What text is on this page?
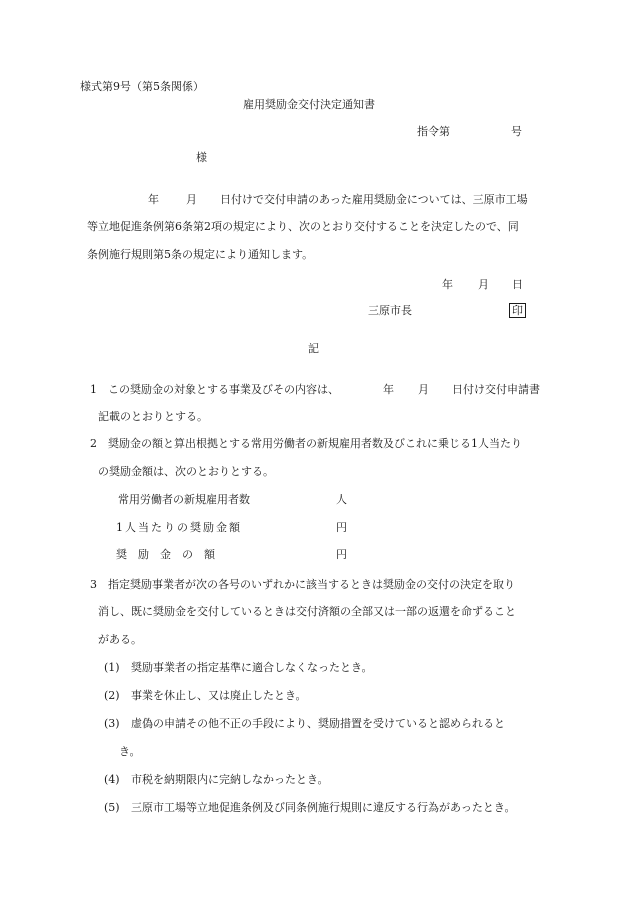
様式第9号（第5条関係）
雇用奨励金交付決定通知書
指令第	号
様
年 月 日付けで交付申請のあった雇用奨励金については、三原市工場
等立地促進条例第6条第2項の規定により、次のとおり交付することを決定したので、同
条例施行規則第5条の規定により通知します。
年 月 日
三原市長	印
記
1　この奨励金の対象とする事業及びその内容は、	年 月 日付け交付申請書
記載のとおりとする。
2　奨励金の額と算出根拠とする常用労働者の新規雇用者数及びこれに乗じる1人当たり
の奨励金額は、次のとおりとする。
常用労働者の新規雇用者数	人
1人当たりの奨励金額	円
奨　励　金　の　額	円
3　指定奨励事業者が次の各号のいずれかに該当するときは奨励金の交付の決定を取り
消し、既に奨励金を交付しているときは交付済額の全部又は一部の返還を命ずること
がある。
(1) 奨励事業者の指定基準に適合しなくなったとき。
(2) 事業を休止し、又は廃止したとき。
(3) 虚偽の申請その他不正の手段により、奨励措置を受けていると認められると
き。
(4) 市税を納期限内に完納しなかったとき。
(5) 三原市工場等立地促進条例及び同条例施行規則に違反する行為があったとき。
